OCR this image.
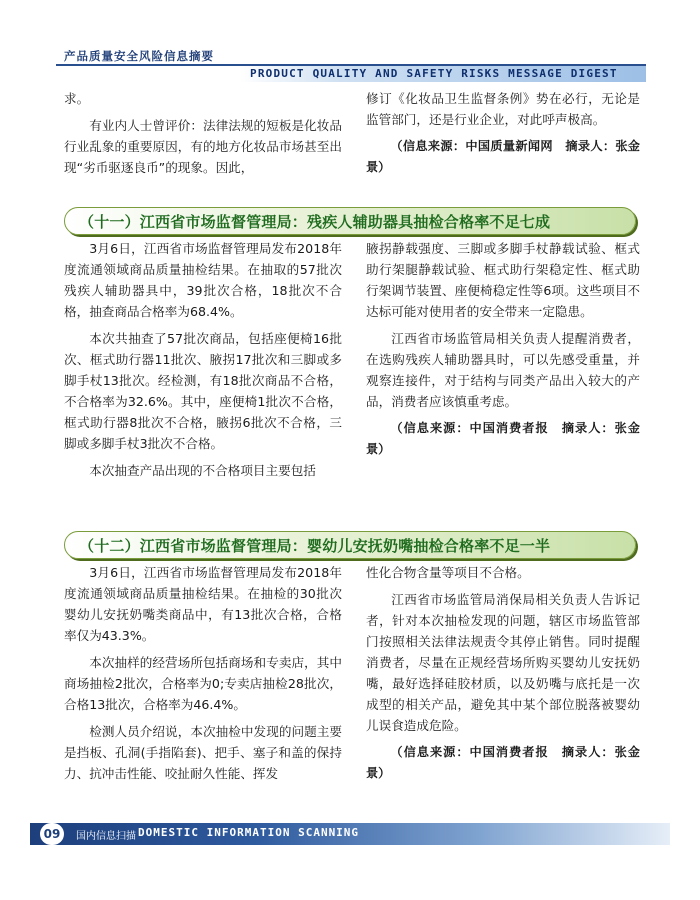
产品质量安全风险信息摘要
PRODUCT QUALITY AND SAFETY RISKS MESSAGE DIGEST

求。

有业内人士曾评价：法律法规的短板是化妆品行业乱象的重要原因，有的地方化妆品市场甚至出现“劣币驱逐良币”的现象。因此，

修订《化妆品卫生监督条例》势在必行，无论是监管部门，还是行业企业，对此呼声极高。

（信息来源：中国质量新闻网　摘录人：张金景）

（十一）江西省市场监督管理局：残疾人辅助器具抽检合格率不足七成

3月6日，江西省市场监督管理局发布2018年度流通领域商品质量抽检结果。在抽取的57批次残疾人辅助器具中，39批次合格，18批次不合格，抽查商品合格率为68.4%。

本次共抽查了57批次商品，包括座便椅16批次、框式助行器11批次、腋拐17批次和三脚或多脚手杖13批次。经检测，有18批次商品不合格，不合格率为32.6%。其中，座便椅1批次不合格，框式助行器8批次不合格，腋拐6批次不合格，三脚或多脚手杖3批次不合格。

本次抽查产品出现的不合格项目主要包括

腋拐静载强度、三脚或多脚手杖静载试验、框式助行架腿静载试验、框式助行架稳定性、框式助行架调节装置、座便椅稳定性等6项。这些项目不达标可能对使用者的安全带来一定隐患。

江西省市场监管局相关负责人提醒消费者，在选购残疾人辅助器具时，可以先感受重量，并观察连接件，对于结构与同类产品出入较大的产品，消费者应该慎重考虑。

（信息来源：中国消费者报　摘录人：张金景）

（十二）江西省市场监督管理局：婴幼儿安抚奶嘴抽检合格率不足一半

3月6日，江西省市场监督管理局发布2018年度流通领域商品质量抽检结果。在抽检的30批次婴幼儿安抚奶嘴类商品中，有13批次合格，合格率仅为43.3%。

本次抽样的经营场所包括商场和专卖店，其中商场抽检2批次，合格率为0;专卖店抽检28批次，合格13批次，合格率为46.4%。

检测人员介绍说，本次抽检中发现的问题主要是挡板、孔洞(手指陷套)、把手、塞子和盖的保持力、抗冲击性能、咬扯耐久性能、挥发

性化合物含量等项目不合格。

江西省市场监管局消保局相关负责人告诉记者，针对本次抽检发现的问题，辖区市场监管部门按照相关法律法规责令其停止销售。同时提醒消费者，尽量在正规经营场所购买婴幼儿安抚奶嘴，最好选择硅胶材质，以及奶嘴与底托是一次成型的相关产品，避免其中某个部位脱落被婴幼儿误食造成危险。

（信息来源：中国消费者报　摘录人：张金景）

09	国内信息扫描 DOMESTIC INFORMATION SCANNING
